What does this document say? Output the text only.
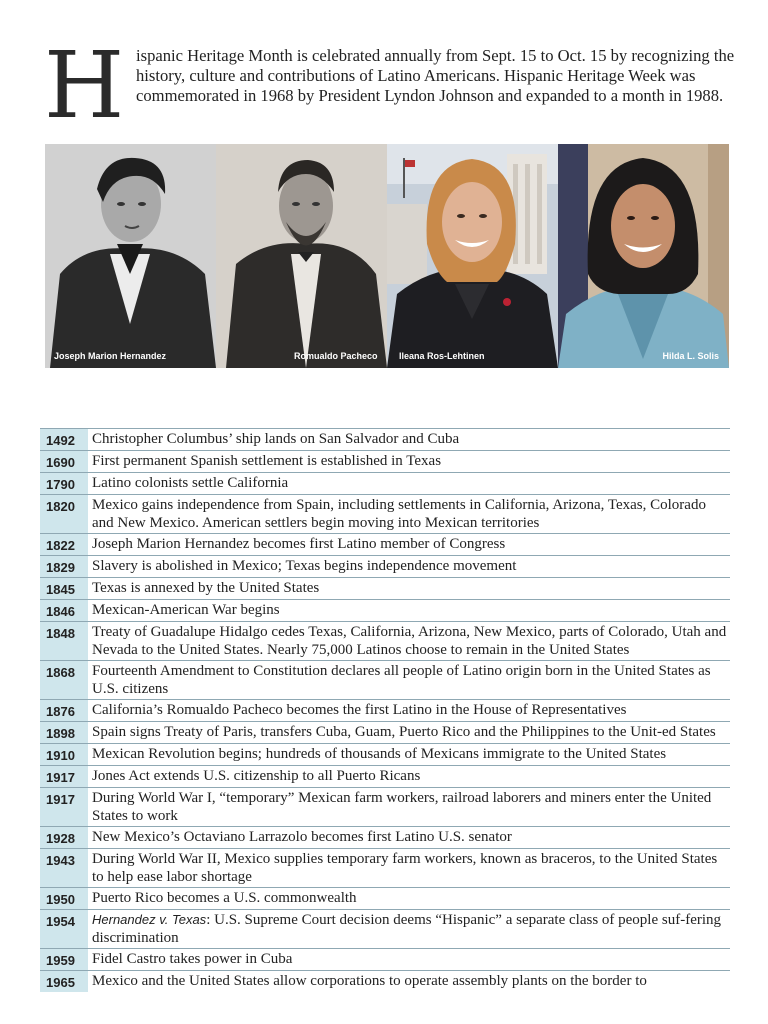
H ispanic Heritage Month is celebrated annually from Sept. 15 to Oct. 15 by recognizing the history, culture and contributions of Latino Americans. Hispanic Heritage Week was commemorated in 1968 by President Lyndon Johnson and expanded to a month in 1988.
Joseph Marion Hernandez	Romualdo Pacheco Ileana Ros-Lehtinen	Hilda L. Solis
1492	Christopher Columbus’ ship lands on San Salvador and Cuba
1690	First permanent Spanish settlement is established in Texas
1790	Latino colonists settle California
1820	Mexico gains independence from Spain, including settlements in California, Arizona, Texas, Colorado and New Mexico. American settlers begin moving into Mexican territories
1822	Joseph Marion Hernandez becomes first Latino member of Congress
1829	Slavery is abolished in Mexico; Texas begins independence movement
1845	Texas is annexed by the United States
1846	Mexican-American War begins
1848	Treaty of Guadalupe Hidalgo cedes Texas, California, Arizona, New Mexico, parts of Colorado, Utah and Nevada to the United States. Nearly 75,000 Latinos choose to remain in the United States
1868	Fourteenth Amendment to Constitution declares all people of Latino origin born in the United States as U.S. citizens
1876	California’s Romualdo Pacheco becomes the first Latino in the House of Representatives
1898	Spain signs Treaty of Paris, transfers Cuba, Guam, Puerto Rico and the Philippines to the Unit-ed States
1910	Mexican Revolution begins; hundreds of thousands of Mexicans immigrate to the United States
1917	Jones Act extends U.S. citizenship to all Puerto Ricans
1917	During World War I, “temporary” Mexican farm workers, railroad laborers and miners enter the United States to work
1928	New Mexico’s Octaviano Larrazolo becomes first Latino U.S. senator
1943	During World War II, Mexico supplies temporary farm workers, known as braceros, to the United States to help ease labor shortage
1950	Puerto Rico becomes a U.S. commonwealth
1954	Hernandez v. Texas: U.S. Supreme Court decision deems “Hispanic” a separate class of people suf-fering discrimination
1959	Fidel Castro takes power in Cuba
1965	Mexico and the United States allow corporations to operate assembly plants on the border to
